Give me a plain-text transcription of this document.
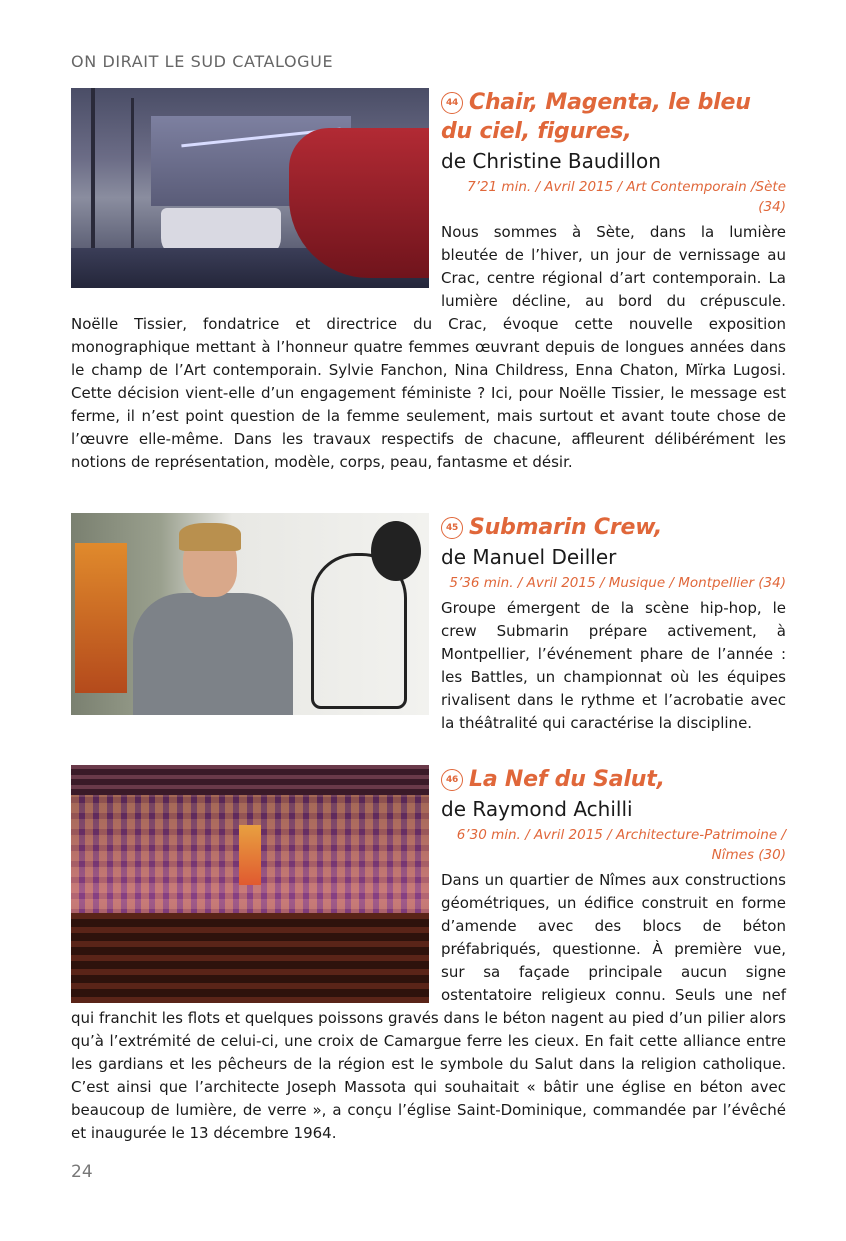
ON DIRAIT LE SUD CATALOGUE
44 Chair, Magenta, le bleu du ciel, figures,
de Christine Baudillon
7’21 min. / Avril 2015 / Art Contemporain /Sète (34)
Nous sommes à Sète, dans la lumière bleutée de l’hiver, un jour de vernissage au Crac, centre régional d’art contemporain. La lumière décline, au bord du crépuscule. Noëlle Tissier, fondatrice et directrice du Crac, évoque cette nouvelle exposition monographique mettant à l’honneur quatre femmes œuvrant depuis de longues années dans le champ de l’Art contemporain. Sylvie Fanchon, Nina Childress, Enna Chaton, Mïrka Lugosi. Cette décision vient-elle d’un engagement féministe ? Ici, pour Noëlle Tissier, le message est ferme, il n’est point question de la femme seulement, mais surtout et avant toute chose de l’œuvre elle-même. Dans les travaux respectifs de chacune, affleurent délibérément les notions de représentation, modèle, corps, peau, fantasme et désir.
45 Submarin Crew,
de Manuel Deiller
5’36 min. / Avril 2015 / Musique / Montpellier (34)
Groupe émergent de la scène hip-hop, le crew Submarin prépare activement, à Montpellier, l’événement phare de l’année : les Battles, un championnat où les équipes rivalisent dans le rythme et l’acrobatie avec la théâtralité qui caractérise la discipline.
46 La Nef du Salut,
de Raymond Achilli
6’30 min. / Avril 2015 / Architecture-Patrimoine / Nîmes (30)
Dans un quartier de Nîmes aux constructions géométriques, un édifice construit en forme d’amende avec des blocs de béton préfabriqués, questionne. À première vue, sur sa façade principale aucun signe ostentatoire religieux connu. Seuls une nef qui franchit les flots et quelques poissons gravés dans le béton nagent au pied d’un pilier alors qu’à l’extrémité de celui-ci, une croix de Camargue ferre les cieux. En fait cette alliance entre les gardians et les pêcheurs de la région est le symbole du Salut dans la religion catholique. C’est ainsi que l’architecte Joseph Massota qui souhaitait « bâtir une église en béton avec beaucoup de lumière, de verre », a conçu l’église Saint-Dominique, commandée par l’évêché et inaugurée le 13 décembre 1964.
24
